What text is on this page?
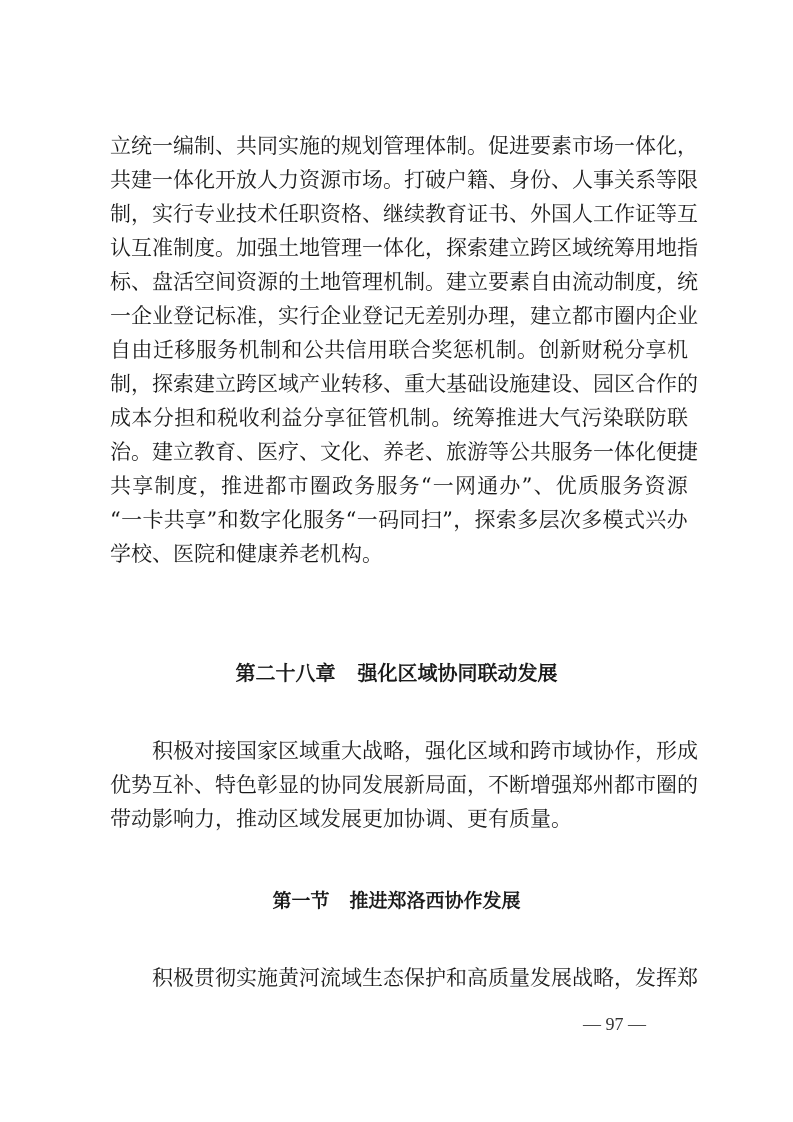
立 统 一 编 制 、 共 同 实 施 的 规 划 管 理 体 制 。 促 进 要 素 市 场 一 体 化 ，
共 建 一 体 化 开 放 人 力 资 源 市 场 。 打 破 户 籍 、 身 份 、 人 事 关 系 等 限
制 ， 实 行 专 业 技 术 任 职 资 格 、 继 续 教 育 证 书 、 外 国 人 工 作 证 等 互
认 互 准 制 度 。 加 强 土 地 管 理 一 体 化 ， 探 索 建 立 跨 区 域 统 筹 用 地 指
标 、 盘 活 空 间 资 源 的 土 地 管 理 机 制 。 建 立 要 素 自 由 流 动 制 度 ， 统
一 企 业 登 记 标 准 ， 实 行 企 业 登 记 无 差 别 办 理 ， 建 立 都 市 圈 内 企 业
自 由 迁 移 服 务 机 制 和 公 共 信 用 联 合 奖 惩 机 制 。 创 新 财 税 分 享 机
制 ， 探 索 建 立 跨 区 域 产 业 转 移 、 重 大 基 础 设 施 建 设 、 园 区 合 作 的
成 本 分 担 和 税 收 利 益 分 享 征 管 机 制 。 统 筹 推 进 大 气 污 染 联 防 联
治 。 建 立 教 育 、 医 疗 、 文 化 、 养 老 、 旅 游 等 公 共 服 务 一 体 化 便 捷
共 享 制 度 ， 推 进 都 市 圈 政 务 服 务 “ 一 网 通 办 ” 、 优 质 服 务 资 源
“ 一 卡 共 享 ” 和 数 字 化 服 务 “ 一 码 同 扫 ” ， 探 索 多 层 次 多 模 式 兴 办
学校、医院和健康养老机构。
第二十八章 强化区域协同联动发展
积 极 对 接 国 家 区 域 重 大 战 略 ， 强 化 区 域 和 跨 市 域 协 作 ， 形 成
优 势 互 补 、 特 色 彰 显 的 协 同 发 展 新 局 面 ， 不 断 增 强 郑 州 都 市 圈 的
带动影响力，推动区域发展更加协调、更有质量。
第一节 推进郑洛西协作发展
积 极 贯 彻 实 施 黄 河 流 域 生 态 保 护 和 高 质 量 发 展 战 略 ， 发 挥 郑
— 97 —
